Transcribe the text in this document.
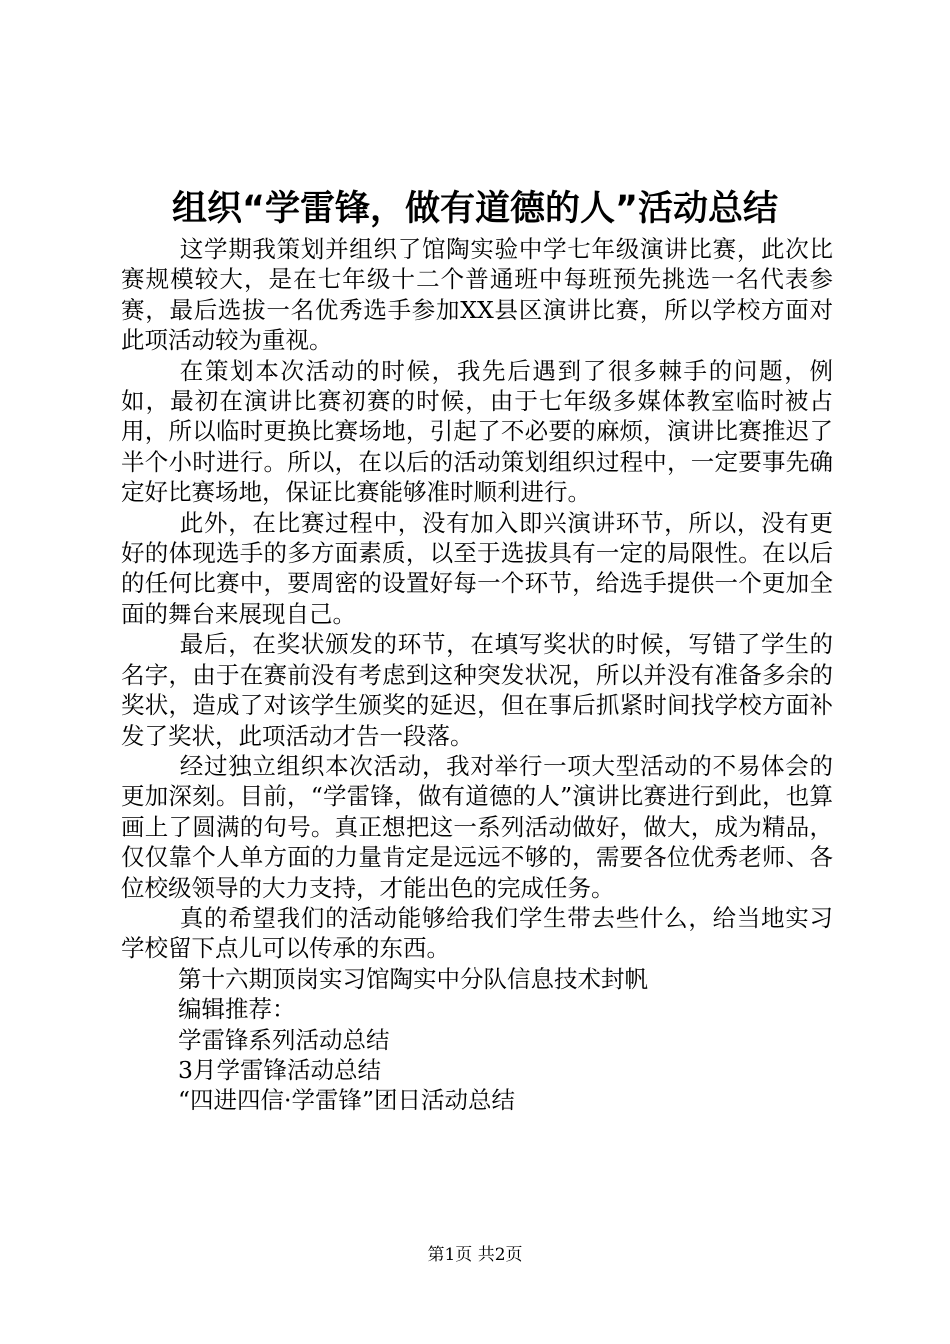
组织“学雷锋，做有道德的人”活动总结

这学期我策划并组织了馆陶实验中学七年级演讲比赛，此次比赛规模较大，是在七年级十二个普通班中每班预先挑选一名代表参赛，最后选拔一名优秀选手参加XX县区演讲比赛，所以学校方面对此项活动较为重视。

在策划本次活动的时候，我先后遇到了很多棘手的问题，例如，最初在演讲比赛初赛的时候，由于七年级多媒体教室临时被占用，所以临时更换比赛场地，引起了不必要的麻烦，演讲比赛推迟了半个小时进行。所以，在以后的活动策划组织过程中，一定要事先确定好比赛场地，保证比赛能够准时顺利进行。

此外，在比赛过程中，没有加入即兴演讲环节，所以，没有更好的体现选手的多方面素质，以至于选拔具有一定的局限性。在以后的任何比赛中，要周密的设置好每一个环节，给选手提供一个更加全面的舞台来展现自己。

最后，在奖状颁发的环节，在填写奖状的时候，写错了学生的名字，由于在赛前没有考虑到这种突发状况，所以并没有准备多余的奖状，造成了对该学生颁奖的延迟，但在事后抓紧时间找学校方面补发了奖状，此项活动才告一段落。

经过独立组织本次活动，我对举行一项大型活动的不易体会的更加深刻。目前，“学雷锋，做有道德的人”演讲比赛进行到此，也算画上了圆满的句号。真正想把这一系列活动做好，做大，成为精品，仅仅靠个人单方面的力量肯定是远远不够的，需要各位优秀老师、各位校级领导的大力支持，才能出色的完成任务。

真的希望我们的活动能够给我们学生带去些什么，给当地实习学校留下点儿可以传承的东西。

第十六期顶岗实习馆陶实中分队信息技术封帆
编辑推荐：
学雷锋系列活动总结
3月学雷锋活动总结
“四进四信·学雷锋”团日活动总结
第1页 共2页
